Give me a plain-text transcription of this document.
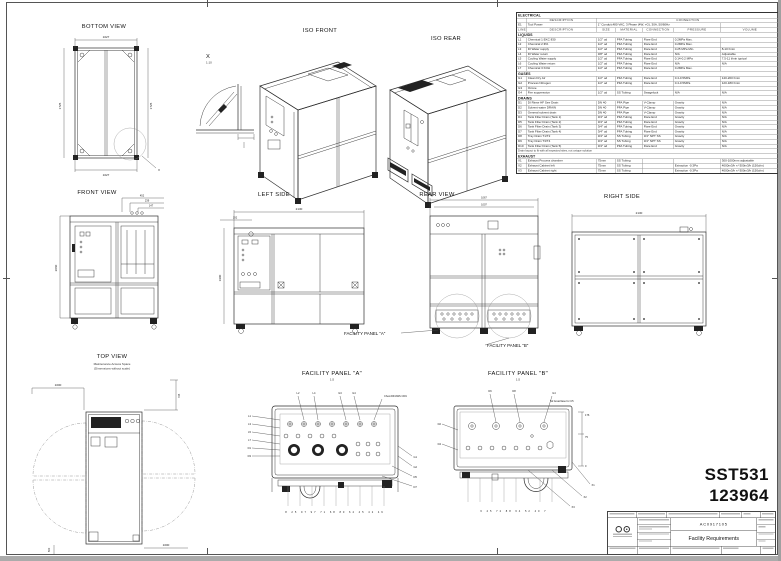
BOTTOM VIEW
X
1027
1027
1725	1725
X
1:10
ISO FRONT
ISO REAR
ELECTRICAL						
	DESCRIPTION	CONNECTION				
E1	Tool Power	1" Conduit,480 VAC, 3 Phase (4W, +G), 30A, 50/60Hz				
LINE	DESCRIPTION	SIZE	MATERIAL	CONNECTION	PRESSURE	VOLUME
LIQUIDS						
L1	Chemical 1 EKC 830	1/2" od	PFA Tubing	Flare End	0.2MPa Max.	
L2	Chemical 2 IPA	1/2" od	PFA Tubing	Flare End	0.2MPa Max.	
L3	DI Water supply	1/2" od	PFA Tubing	Flare End	0.25 MPa Min.	8-10 l/min
L4	DI Water return	3/8" od	PFA Tubing	Flare End	N/A	Adjustable
L5	Cooling Water supply	1/2" od	PFA Tubing	Flare End	0.14-0.2 MPa	7.5-11 l/min typical
L6	Cooling Water return	1/2" od	PFA Tubing	Flare End	N/A	N/A
L7	Chemical 3 KOH	1/2" od	PFA Tubing	Flare End	0.2MPa Max.	
GASES						
G1	Clean Dry Air	1/2" od	PFA Tubing	Flare End	0.4-0.5MPa	140-200 l/min
G2	Process Nitrogen	1/2" od	PFA Tubing	Flare End	0.4-0.5MPa	120-180 l/min
G3	Ozone					
G4	Fire suppression	1/2" od	SS Tubing	Swagelock	N/A	N/A
DRAINS						
D1	DI Rinse HF See Drain	DN 40	PFA Pipe	V-Clamp	Gravity	N/A
D2	Solvent water DRAIN	DN 40	PFA Pipe	V-Clamp	Gravity	N/A
D3	General solvent drain	DN 40	PFA Pipe	V-Clamp	Gravity	N/A
D4	Tank Filter Drain (Tank 1)	3/4" od	PFA Tubing	Flare End	Gravity	N/A
D5	Tank Filter Drain (Tank 2)	3/4" od	PFA Tubing	Flare End	Gravity	N/A
D6	Tank Filter Drain (Tank 3)	3/4" od	PFA Tubing	Flare End	Gravity	N/A
D7	Tank Filter Drain (Tank 4)	3/4" od	PFA Tubing	Flare End	Gravity	N/A
D8	Tray Drain T1/T2	3/4" od	SS Tubing	3/4" NPT SS	Gravity	N/A
D9	Tray Drain T3/T4	3/4" od	SS Tubing	3/4" NPT SS	Gravity	N/A
D10	Tank Filter Drain (Tank 5)	3/4" od	PFA Tubing	Flare End	Gravity	N/A
Drain layout to fit with all expected sites, not unique solution						
EXHAUST						
X1	Exhaust Process chamber	75mm	SS Tubing			300-1000mm adjustable
X2	Exhaust Cabinet left	75mm	SS Tubing		Extraction -0.3Pa	4000m3/h +/-300m3/h (150cfm)
X3	Exhaust Cabinet right	75mm	SS Tubing		Extraction -0.3Pa	4000m3/h +/-300m3/h (150cfm)
FRONT VIEW	452
239
147
2060
LEFT SIDE
2130
192
1900
REAR VIEW	1067
1007
FACILITY PANEL "A"
FACILITY PANEL "B"
RIGHT SIDE
2130
TOP VIEW
Maintenance Access Space
(Dimensions without scale)
1000
735
1000
500
FACILITY PANEL "A"
1:5
L1
L3
L5
L7
D1
D3
L2	L4	G3	G4
Chem/DI/AWS CDU
G1
G2
D5
D7
8 25 97 97 71 68 80 64 45 42 49
FACILITY PANEL "B"
1:5
176
75
0
D6	D8
G4
N2 Area/Vase for C5
D2
D4
X1
X2
X3
6 45 72 88 64 52 40 7
SST531
123964
AC0917105
Facility Requirements
